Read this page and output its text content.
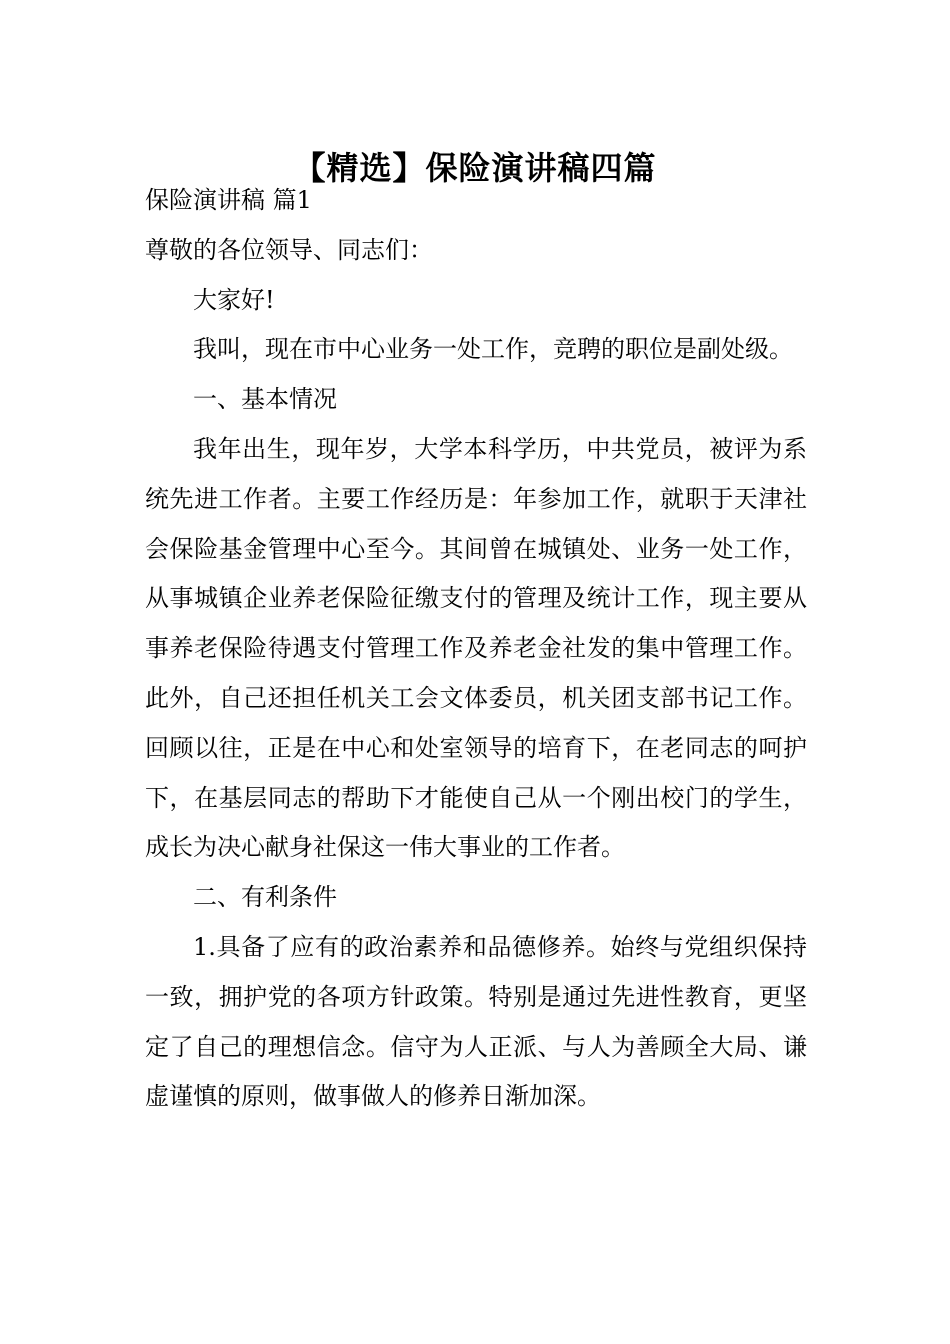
【精选】保险演讲稿四篇

保险演讲稿 篇1

尊敬的各位领导、同志们：

大家好!

我叫，现在市中心业务一处工作，竞聘的职位是副处级。

一、基本情况

我年出生，现年岁，大学本科学历，中共党员，被评为系统先进工作者。主要工作经历是：年参加工作，就职于天津社会保险基金管理中心至今。其间曾在城镇处、业务一处工作，从事城镇企业养老保险征缴支付的管理及统计工作，现主要从事养老保险待遇支付管理工作及养老金社发的集中管理工作。此外，自己还担任机关工会文体委员，机关团支部书记工作。回顾以往，正是在中心和处室领导的培育下，在老同志的呵护下，在基层同志的帮助下才能使自己从一个刚出校门的学生，成长为决心献身社保这一伟大事业的工作者。

二、有利条件

1.具备了应有的政治素养和品德修养。始终与党组织保持一致，拥护党的各项方针政策。特别是通过先进性教育，更坚定了自己的理想信念。信守为人正派、与人为善顾全大局、谦虚谨慎的原则，做事做人的修养日渐加深。
